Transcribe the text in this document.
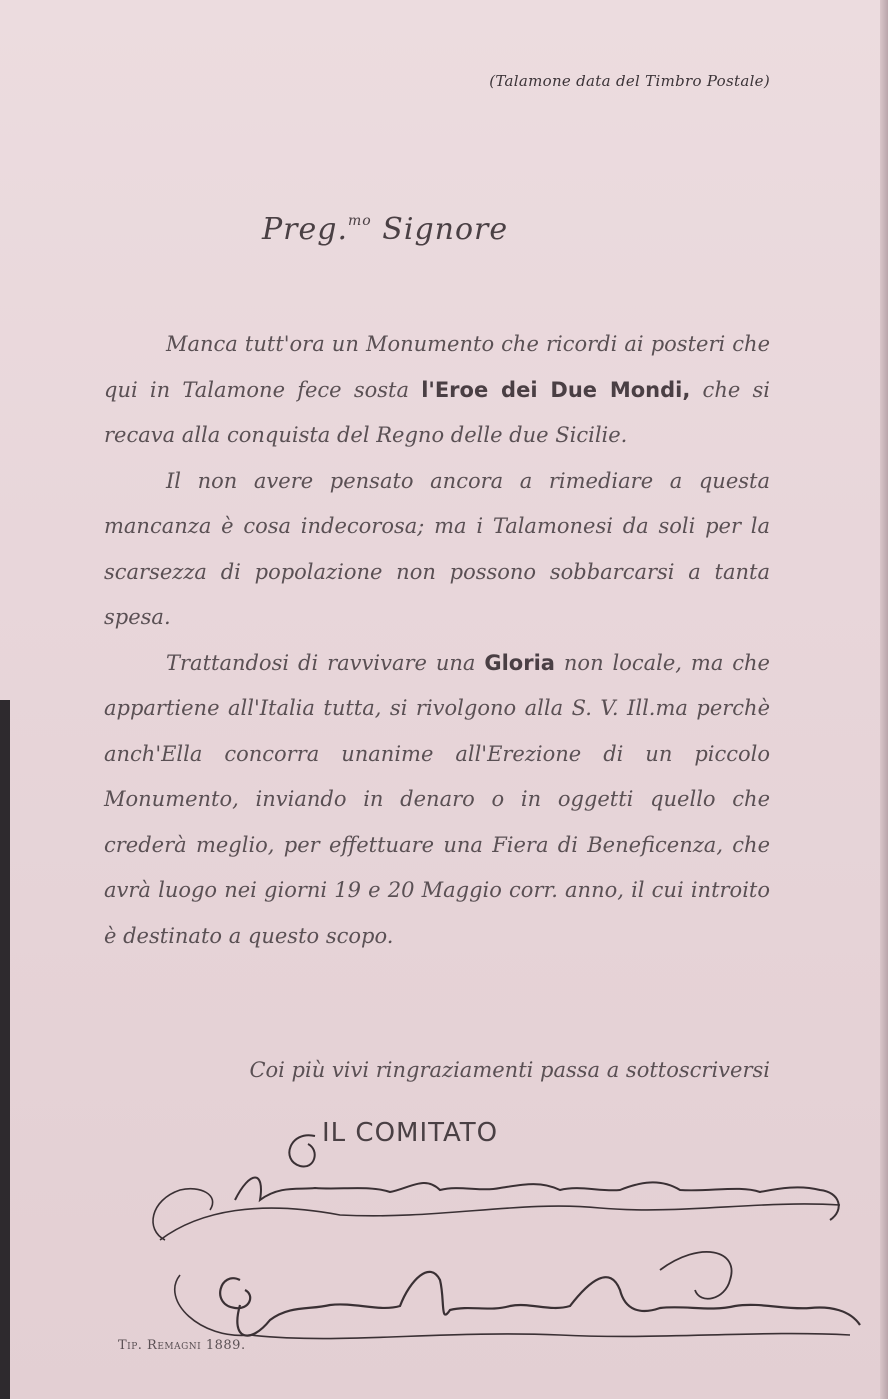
(Talamone data del Timbro Postale)
Preg.$^{mo}$ Signore

Manca tutt'ora un Monumento che ricordi ai posteri che qui in Talamone fece sosta l'Eroe dei Due Mondi, che si recava alla conquista del Regno delle due Sicilie.

Il non avere pensato ancora a rimediare a questa mancanza è cosa indecorosa; ma i Talamonesi da soli per la scarsezza di popolazione non possono sobbarcarsi a tanta spesa.

Trattandosi di ravvivare una Gloria non locale, ma che appartiene all'Italia tutta, si rivolgono alla S. V. Ill.ma perchè anch'Ella concorra unanime all'Erezione di un piccolo Monumento, inviando in denaro o in oggetti quello che crederà meglio, per effettuare una Fiera di Beneficenza, che avrà luogo nei giorni 19 e 20 Maggio corr. anno, il cui introito è destinato a questo scopo.

Coi più vivi ringraziamenti passa a sottoscriversi
IL COMITATO
Tip. Remagni 1889.
